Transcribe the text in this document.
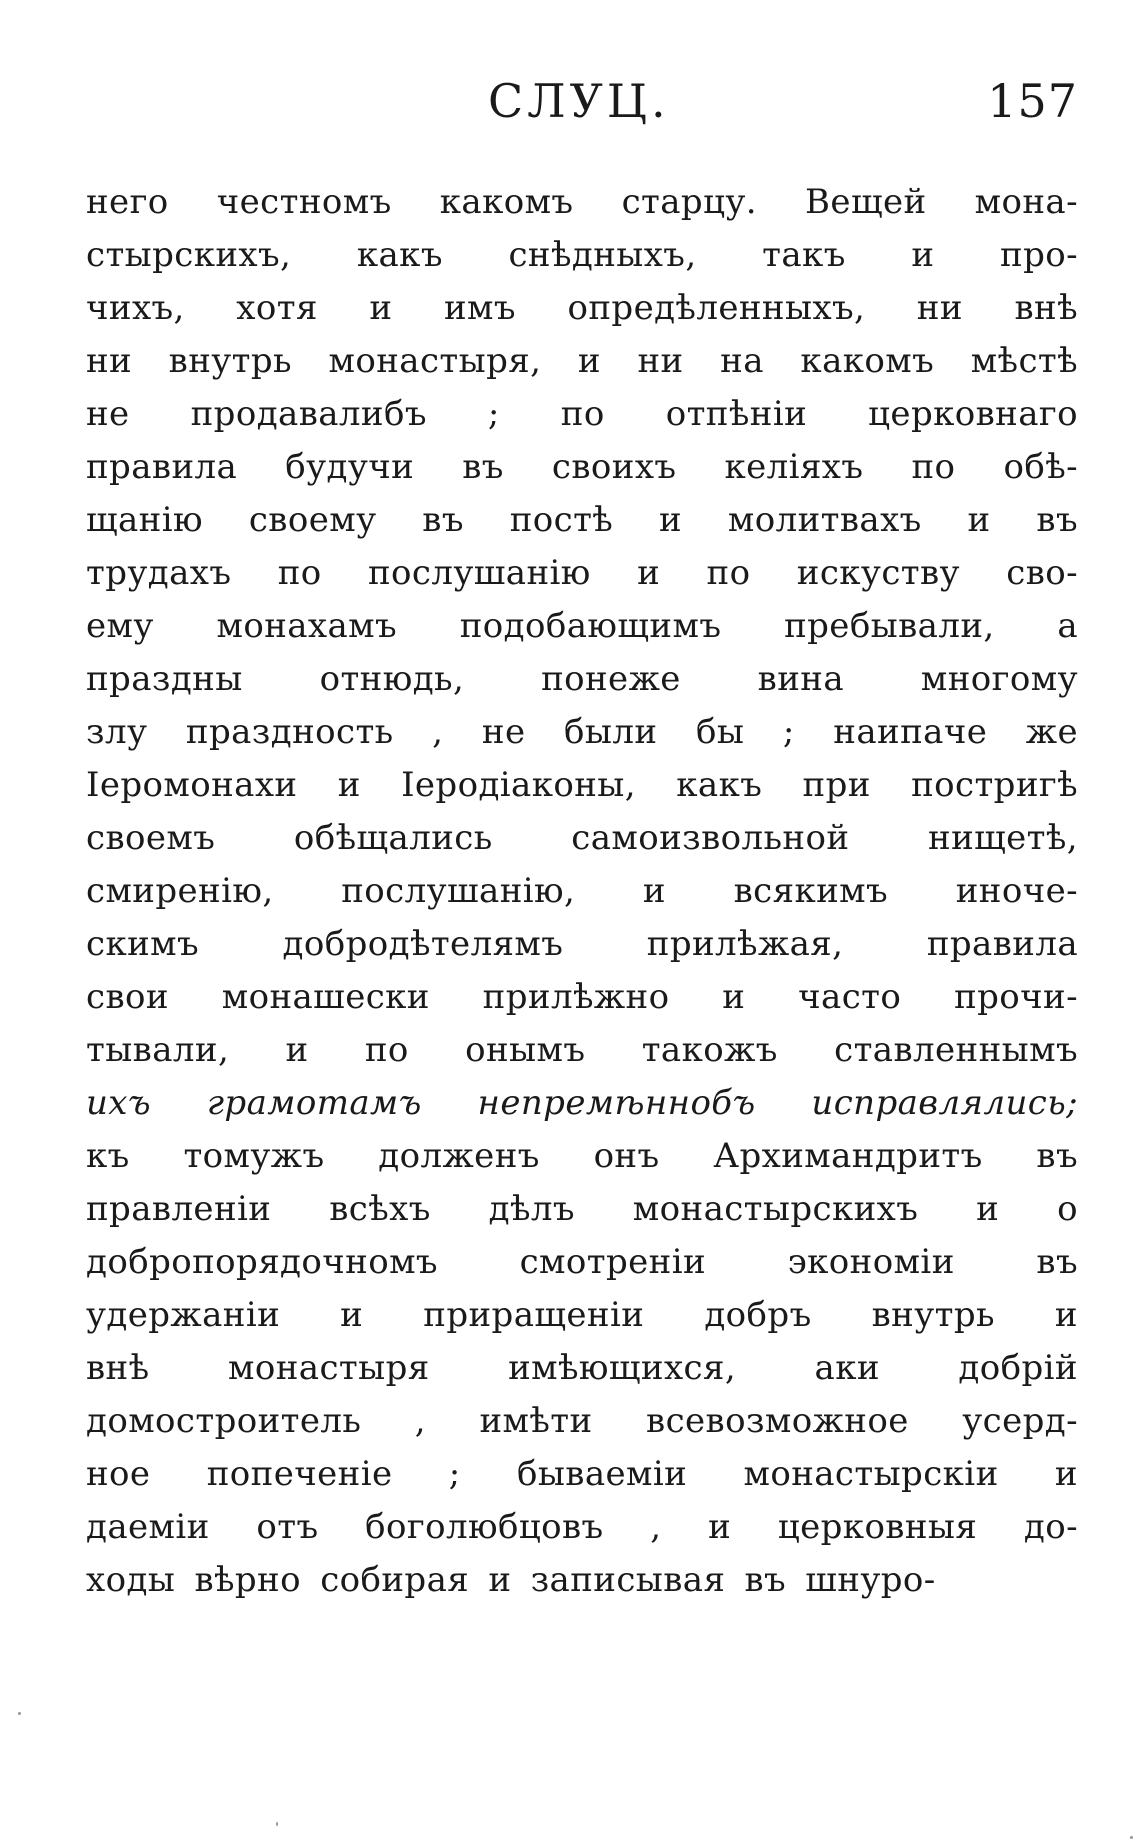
СЛУЦ.	157
него честномъ какомъ старцу. Вещей мона-
стырскихъ, какъ снѣдныхъ, такъ и про-
чихъ, хотя и имъ опредѣленныхъ, ни внѣ
ни внутрь монастыря, и ни на какомъ мѣстѣ
не продавалибъ ; по отпѣніи церковнаго
правила будучи въ своихъ келіяхъ по обѣ-
щанію своему въ постѣ и молитвахъ и въ
трудахъ по послушанію и по искуству сво-
ему монахамъ подобающимъ пребывали, а
праздны отнюдь, понеже вина многому
злу праздность , не были бы ; наипаче же
Іеромонахи и Іеродіаконы, какъ при постригѣ
своемъ обѣщались самоизвольной нищетѣ,
смиренію, послушанію, и всякимъ иноче-
скимъ добродѣтелямъ прилѣжая, правила
свои монашески прилѣжно и часто прочи-
тывали, и по онымъ такожъ ставленнымъ
ихъ грамотамъ непремѣннобъ исправлялись;
къ томужъ долженъ онъ Архимандритъ въ
правленіи всѣхъ дѣлъ монастырскихъ и о
добропорядочномъ смотреніи экономіи въ
удержаніи и приращеніи добръ внутрь и
внѣ монастыря имѣющихся, аки добрій
домостроитель , имѣти всевозможное усерд-
ное попеченіе ; бываеміи монастырскіи и
даеміи отъ боголюбцовъ , и церковныя до-
ходы вѣрно собирая и записывая въ шнуро-
